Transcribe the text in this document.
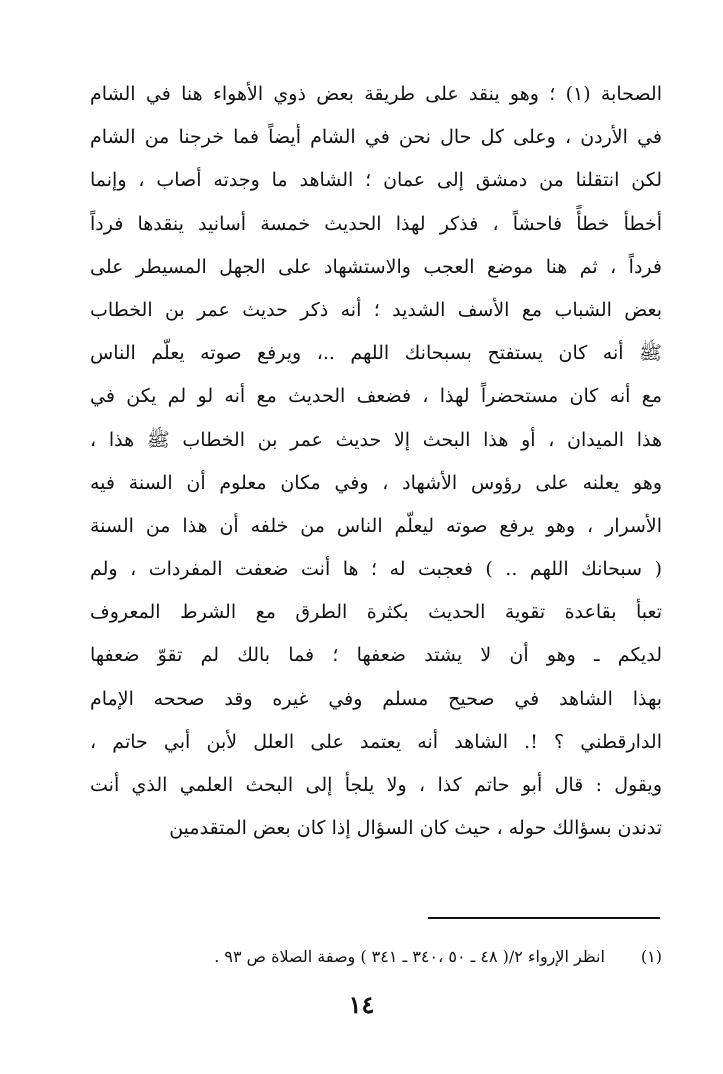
الصحابة (١) ؛ وهو ينقد على طريقة بعض ذوي الأهواء هنا في الشام
في الأردن ، وعلى كل حال نحن في الشام أيضاً فما خرجنا من الشام
لكن انتقلنا من دمشق إلى عمان ؛ الشاهد ما وجدته أصاب ، وإنما
أخطأ خطأً فاحشاً ، فذكر لهذا الحديث خمسة أسانيد ينقدها فرداً
فرداً ، ثم هنا موضع العجب والاستشهاد على الجهل المسيطر على
بعض الشباب مع الأسف الشديد ؛ أنه ذكر حديث عمر بن الخطاب
ﷺ أنه كان يستفتح بسبحانك اللهم ..، ويرفع صوته يعلّم الناس
مع أنه كان مستحضراً لهذا ، فضعف الحديث مع أنه لو لم يكن في
هذا الميدان ، أو هذا البحث إلا حديث عمر بن الخطاب ﷺ هذا ،
وهو يعلنه على رؤوس الأشهاد ، وفي مكان معلوم أن السنة فيه
الأسرار ، وهو يرفع صوته ليعلّم الناس من خلفه أن هذا من السنة
( سبحانك اللهم .. ) فعجبت له ؛ ها أنت ضعفت المفردات ، ولم
تعبأ بقاعدة تقوية الحديث بكثرة الطرق مع الشرط المعروف
لديكم ـ وهو أن لا يشتد ضعفها ؛ فما بالك لم تقوّ ضعفها
بهذا الشاهد في صحيح مسلم وفي غيره وقد صححه الإمام
الدارقطني ؟ !. الشاهد أنه يعتمد على العلل لأبن أبي حاتم ،
ويقول : قال أبو حاتم كذا ، ولا يلجأ إلى البحث العلمي الذي أنت
تدندن بسؤالك حوله ، حيث كان السؤال إذا كان بعض المتقدمين
(١) انظر الإرواء ٢/( ٤٨ ـ ٥٠ ،٣٤٠ ـ ٣٤١ ) وصفة الصلاة ص ٩٣ .
١٤
